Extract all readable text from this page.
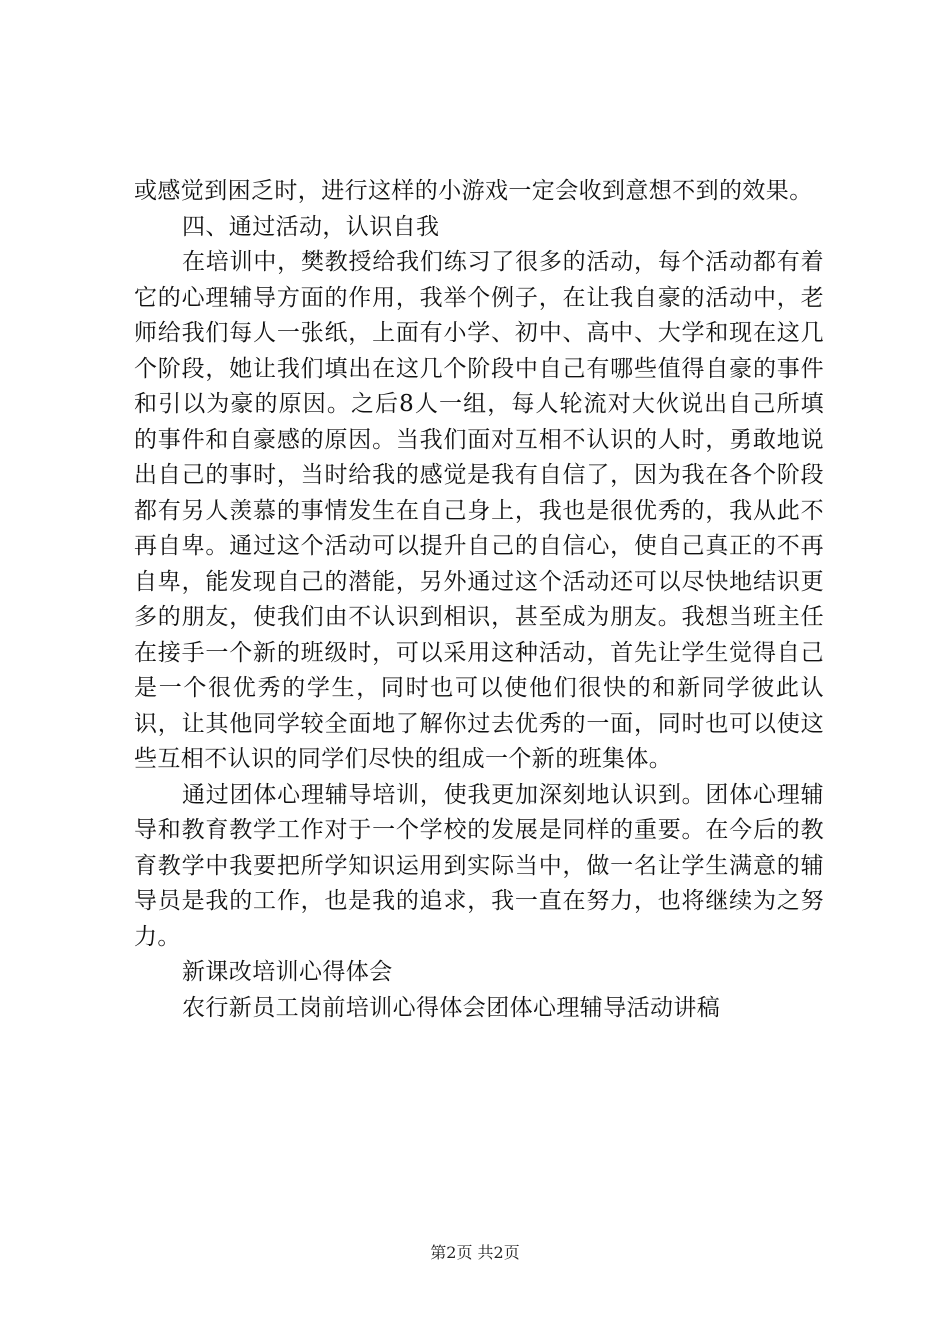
或感觉到困乏时，进行这样的小游戏一定会收到意想不到的效果。

四、通过活动，认识自我

在培训中，樊教授给我们练习了很多的活动，每个活动都有着它的心理辅导方面的作用，我举个例子，在让我自豪的活动中，老师给我们每人一张纸，上面有小学、初中、高中、大学和现在这几个阶段，她让我们填出在这几个阶段中自己有哪些值得自豪的事件和引以为豪的原因。之后8人一组，每人轮流对大伙说出自己所填的事件和自豪感的原因。当我们面对互相不认识的人时，勇敢地说出自己的事时，当时给我的感觉是我有自信了，因为我在各个阶段都有另人羡慕的事情发生在自己身上，我也是很优秀的，我从此不再自卑。通过这个活动可以提升自己的自信心，使自己真正的不再自卑，能发现自己的潜能，另外通过这个活动还可以尽快地结识更多的朋友，使我们由不认识到相识，甚至成为朋友。我想当班主任在接手一个新的班级时，可以采用这种活动，首先让学生觉得自己是一个很优秀的学生，同时也可以使他们很快的和新同学彼此认识，让其他同学较全面地了解你过去优秀的一面，同时也可以使这些互相不认识的同学们尽快的组成一个新的班集体。

通过团体心理辅导培训，使我更加深刻地认识到。团体心理辅导和教育教学工作对于一个学校的发展是同样的重要。在今后的教育教学中我要把所学知识运用到实际当中，做一名让学生满意的辅导员是我的工作，也是我的追求，我一直在努力，也将继续为之努力。

新课改培训心得体会

农行新员工岗前培训心得体会团体心理辅导活动讲稿

第2页 共2页
